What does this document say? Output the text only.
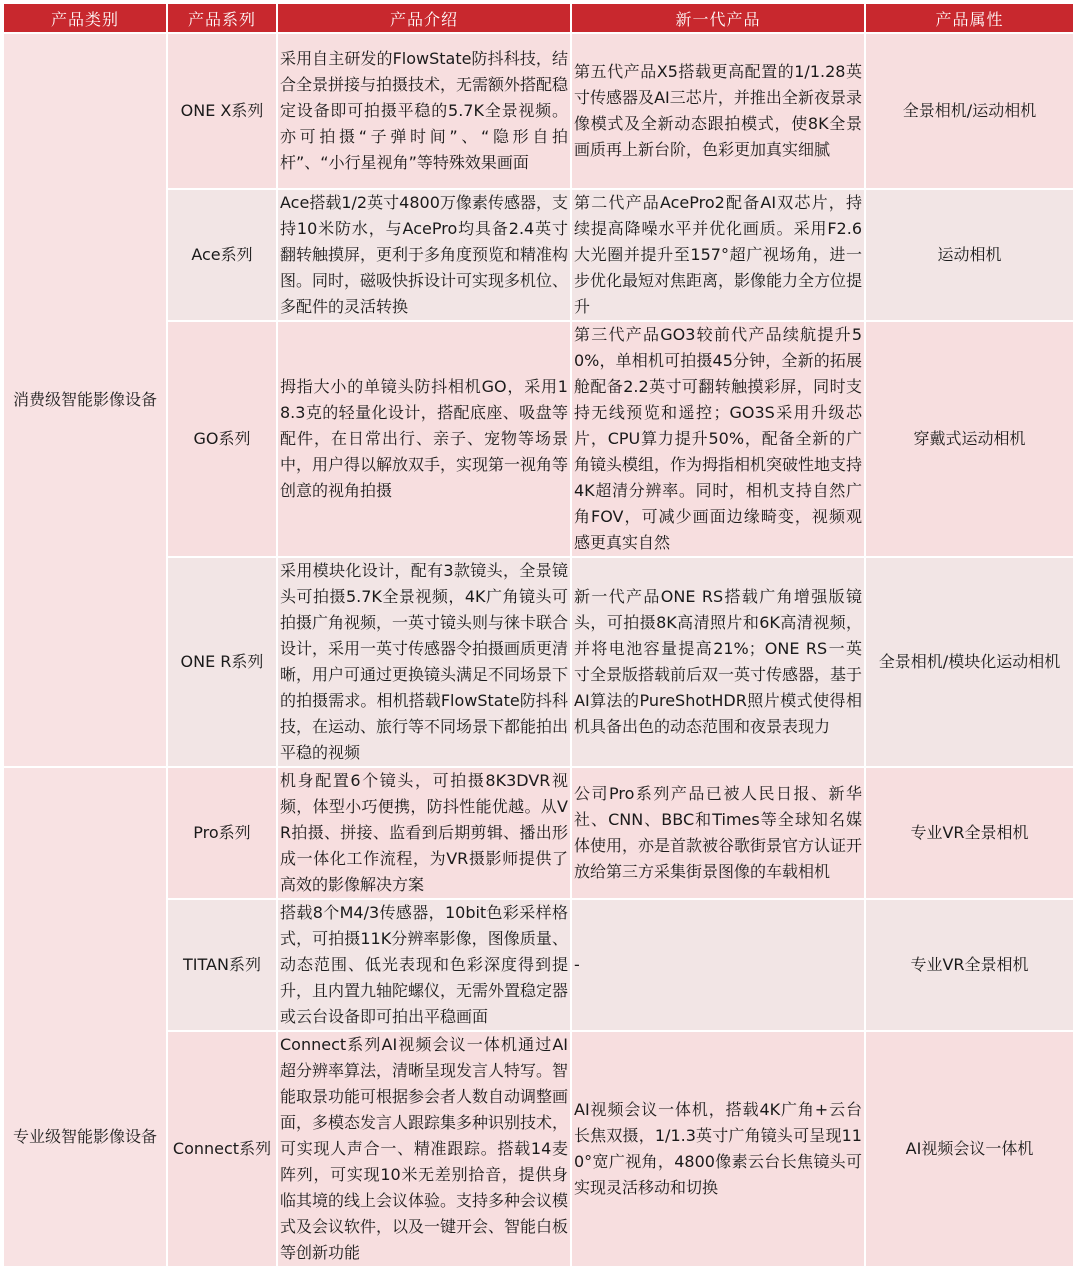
产品类别	产品系列	产品介绍	新一代产品	产品属性
消费级智能影像设备	ONE X系列	采用自主研发的FlowState防抖科技，结合全景拼接与拍摄技术，无需额外搭配稳定设备即可拍摄平稳的5.7K全景视频。亦可拍摄“子弹时间”、“隐形自拍杆”、“小行星视角”等特殊效果画面	第五代产品X5搭载更高配置的1/1.28英寸传感器及AI三芯片，并推出全新夜景录像模式及全新动态跟拍模式，使8K全景画质再上新台阶，色彩更加真实细腻	全景相机/运动相机
	Ace系列	Ace搭载1/2英寸4800万像素传感器，支持10米防水，与AcePro均具备2.4英寸翻转触摸屏，更利于多角度预览和精准构图。同时，磁吸快拆设计可实现多机位、多配件的灵活转换	第二代产品AcePro2配备AI双芯片，持续提高降噪水平并优化画质。采用F2.6大光圈并提升至157°超广视场角，进一步优化最短对焦距离，影像能力全方位提升	运动相机
	GO系列	拇指大小的单镜头防抖相机GO，采用18.3克的轻量化设计，搭配底座、吸盘等配件，在日常出行、亲子、宠物等场景中，用户得以解放双手，实现第一视角等创意的视角拍摄	第三代产品GO3较前代产品续航提升50%，单相机可拍摄45分钟，全新的拓展舱配备2.2英寸可翻转触摸彩屏，同时支持无线预览和遥控；GO3S采用升级芯片，CPU算力提升50%，配备全新的广角镜头模组，作为拇指相机突破性地支持4K超清分辨率。同时，相机支持自然广角FOV，可减少画面边缘畸变，视频观感更真实自然	穿戴式运动相机
	ONE R系列	采用模块化设计，配有3款镜头，全景镜头可拍摄5.7K全景视频，4K广角镜头可拍摄广角视频，一英寸镜头则与徕卡联合设计，采用一英寸传感器令拍摄画质更清晰，用户可通过更换镜头满足不同场景下的拍摄需求。相机搭载FlowState防抖科技，在运动、旅行等不同场景下都能拍出平稳的视频	新一代产品ONE RS搭载广角增强版镜头，可拍摄8K高清照片和6K高清视频，并将电池容量提高21%；ONE RS一英寸全景版搭载前后双一英寸传感器，基于AI算法的PureShotHDR照片模式使得相机具备出色的动态范围和夜景表现力	全景相机/模块化运动相机

专业级智能影像设备	Pro系列	机身配置6个镜头，可拍摄8K3DVR视频，体型小巧便携，防抖性能优越。从VR拍摄、拼接、监看到后期剪辑、播出形成一体化工作流程，为VR摄影师提供了高效的影像解决方案	公司Pro系列产品已被人民日报、新华社、CNN、BBC和Times等全球知名媒体使用，亦是首款被谷歌街景官方认证开放给第三方采集街景图像的车载相机	专业VR全景相机
	TITAN系列	搭载8个M4/3传感器，10bit色彩采样格式，可拍摄11K分辨率影像，图像质量、动态范围、低光表现和色彩深度得到提升，且内置九轴陀螺仪，无需外置稳定器或云台设备即可拍出平稳画面	-	专业VR全景相机
	Connect系列	Connect系列AI视频会议一体机通过AI超分辨率算法，清晰呈现发言人特写。智能取景功能可根据参会者人数自动调整画面，多模态发言人跟踪集多种识别技术，可实现人声合一、精准跟踪。搭载14麦阵列，可实现10米无差别拾音，提供身临其境的线上会议体验。支持多种会议模式及会议软件，以及一键开会、智能白板等创新功能	AI视频会议一体机，搭载4K广角+云台长焦双摄，1/1.3英寸广角镜头可呈现110°宽广视角，4800像素云台长焦镜头可实现灵活移动和切换	AI视频会议一体机
